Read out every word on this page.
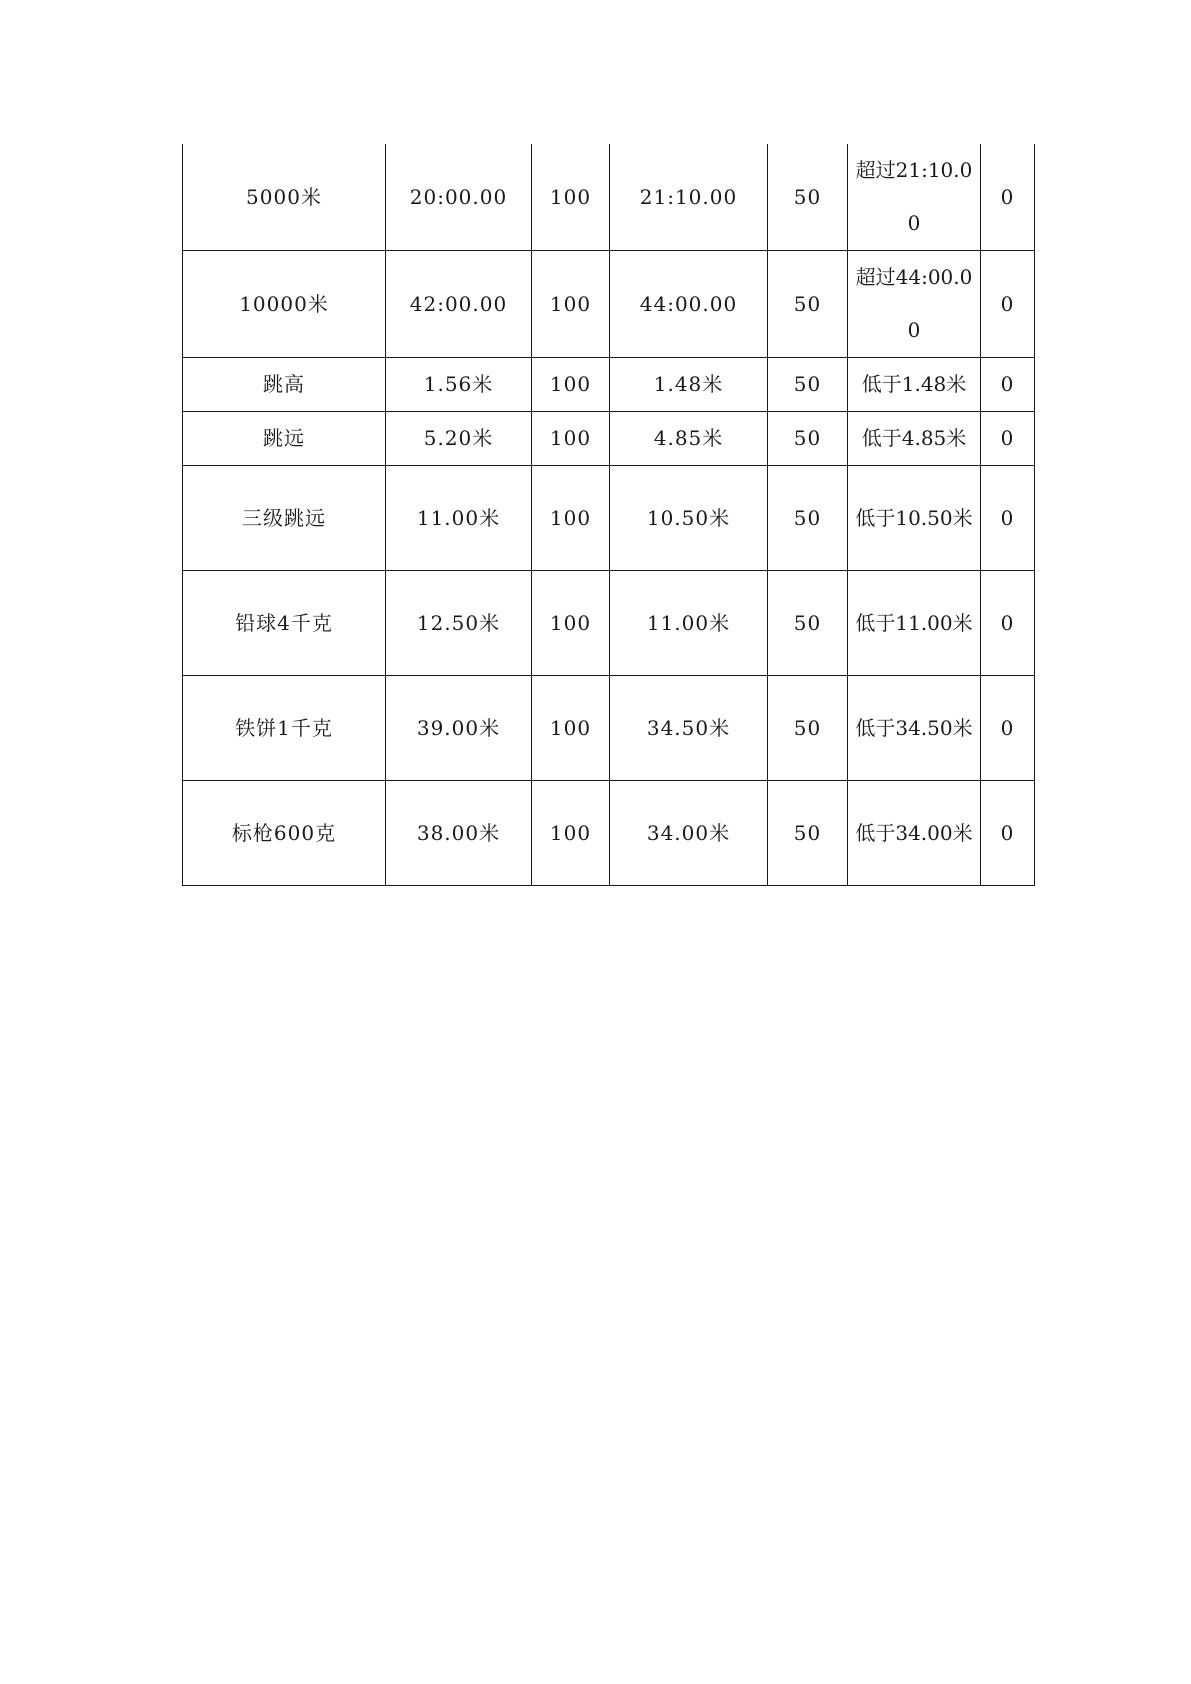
5000米	20:00.00	100	21:10.00	50	超过21:10.00	0
10000米	42:00.00	100	44:00.00	50	超过44:00.00	0
跳高	1.56米	100	1.48米	50	低于1.48米	0
跳远	5.20米	100	4.85米	50	低于4.85米	0
三级跳远	11.00米	100	10.50米	50	低于10.50米	0
铅球4千克	12.50米	100	11.00米	50	低于11.00米	0
铁饼1千克	39.00米	100	34.50米	50	低于34.50米	0
标枪600克	38.00米	100	34.00米	50	低于34.00米	0
